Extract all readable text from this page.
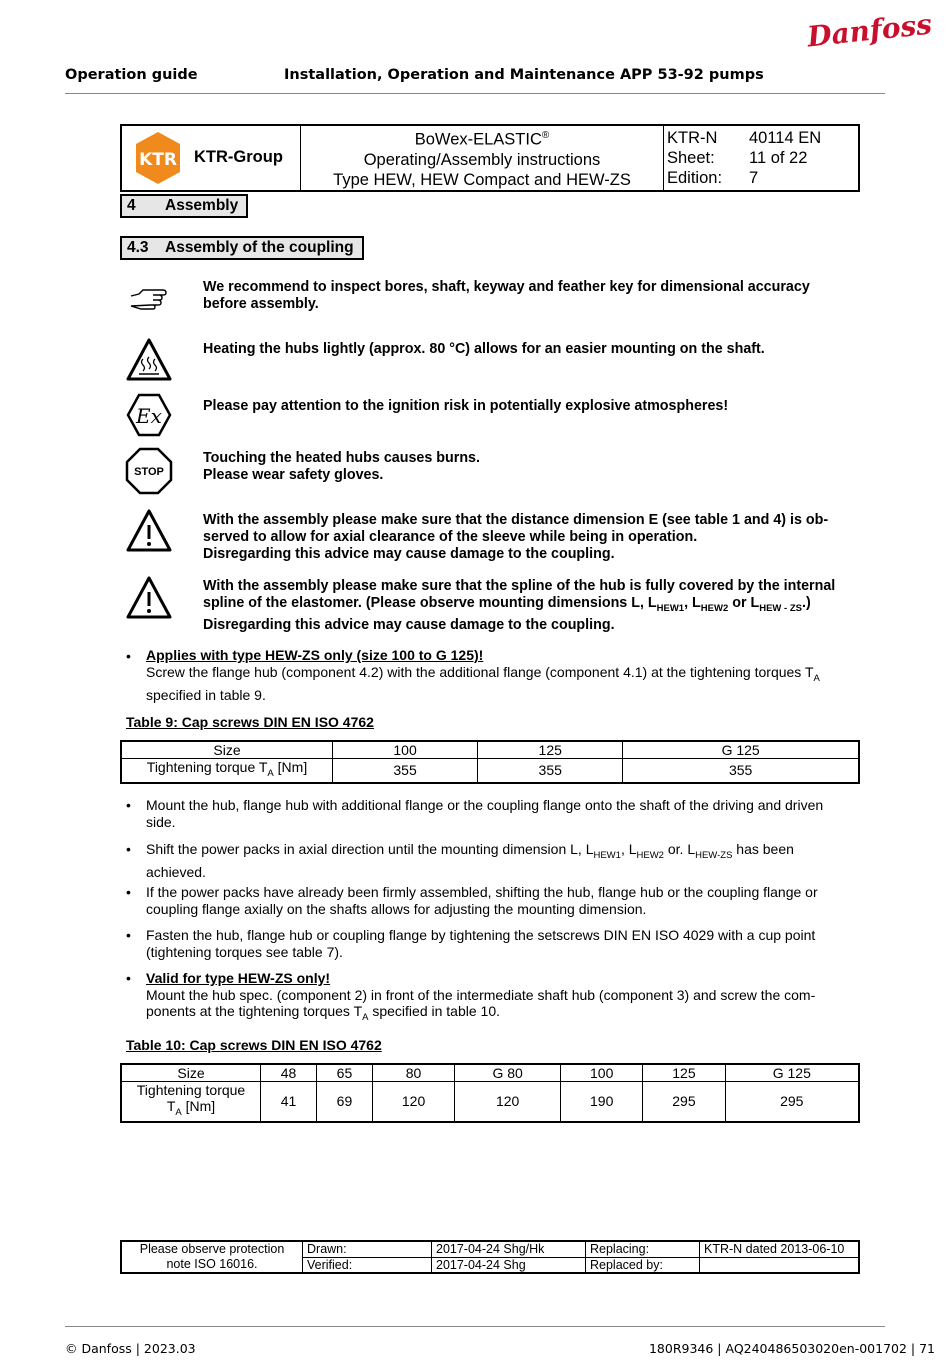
Danfoss
Operation guide	Installation, Operation and Maintenance APP 53-92 pumps
KTR KTR-Group

BoWex-ELASTIC®
Operating/Assembly instructions
Type HEW, HEW Compact and HEW-ZS

KTR-N	40114 EN
Sheet:	11 of 22
Edition:	7
4 Assembly
4.3 Assembly of the coupling
We recommend to inspect bores, shaft, keyway and feather key for dimensional accuracy before assembly.
Heating the hubs lightly (approx. 80 °C) allows for an easier mounting on the shaft.
Ex	Please pay attention to the ignition risk in potentially explosive atmospheres!
STOP
Touching the heated hubs causes burns.
Please wear safety gloves.
With the assembly please make sure that the distance dimension E (see table 1 and 4) is ob-served to allow for axial clearance of the sleeve while being in operation.
Disregarding this advice may cause damage to the coupling.
With the assembly please make sure that the spline of the hub is fully covered by the internal spline of the elastomer. (Please observe mounting dimensions L, $L_{HEW1}$, $L_{HEW2}$ or $L_{HEW - ZS}$.)
Disregarding this advice may cause damage to the coupling.
• Applies with type HEW-ZS only (size 100 to G 125)!
Screw the flange hub (component 4.2) with the additional flange (component 4.1) at the tightening torques $T_A$
specified in table 9.
Table 9: Cap screws DIN EN ISO 4762
Size	100	125	G 125
Tightening torque $T_A$ [Nm]	355	355	355
• Mount the hub, flange hub with additional flange or the coupling flange onto the shaft of the driving and driven side.
• Shift the power packs in axial direction until the mounting dimension L, $L_{HEW1}$, $L_{HEW2}$ or. $L_{HEW-ZS}$ has been achieved.
• If the power packs have already been firmly assembled, shifting the hub, flange hub or the coupling flange or coupling flange axially on the shafts allows for adjusting the mounting dimension.
• Fasten the hub, flange hub or coupling flange by tightening the setscrews DIN EN ISO 4029 with a cup point (tightening torques see table 7).
• Valid for type HEW-ZS only!
Mount the hub spec. (component 2) in front of the intermediate shaft hub (component 3) and screw the com-ponents at the tightening torques $T_A$ specified in table 10.
Table 10: Cap screws DIN EN ISO 4762
Size	48	65	80	G 80	100	125	G 125

Tightening torque
$T_A$ [Nm]	41	69	120	120	190	295	295
Please observe protection
note ISO 16016.	Drawn:	2017-04-24 Shg/Hk	Replacing:	KTR-N dated 2013-06-10
	Verified:	2017-04-24 Shg	Replaced by:	
© Danfoss | 2023.03	180R9346 | AQ240486503020en-001702 | 71
